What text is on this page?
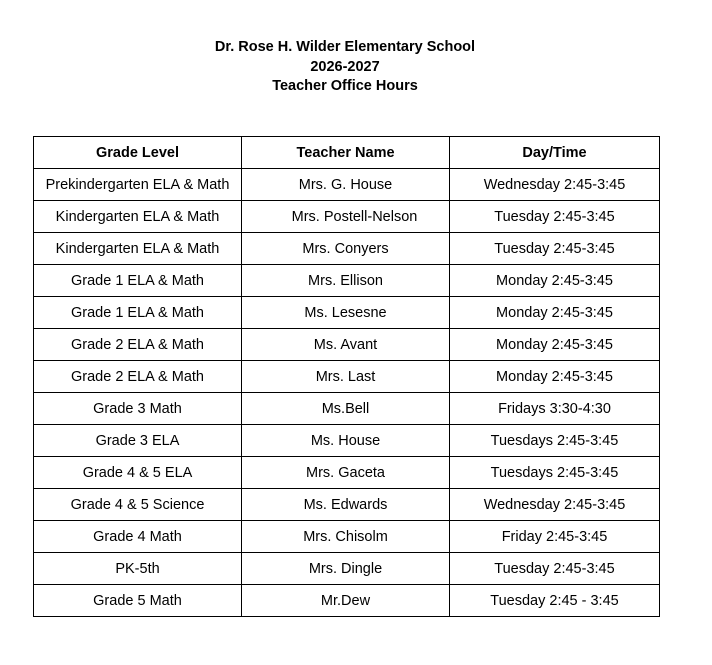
Dr. Rose H. Wilder Elementary School
2026-2027
Teacher Office Hours
Grade Level	Teacher Name	Day/Time
Prekindergarten ELA & Math	Mrs. G. House	Wednesday 2:45-3:45
Kindergarten ELA & Math	Mrs. Postell-Nelson	Tuesday 2:45-3:45
Kindergarten ELA & Math	Mrs. Conyers	Tuesday 2:45-3:45
Grade 1 ELA & Math	Mrs. Ellison	Monday 2:45-3:45
Grade 1 ELA & Math	Ms. Lesesne	Monday 2:45-3:45
Grade 2 ELA & Math	Ms. Avant	Monday 2:45-3:45
Grade 2 ELA & Math	Mrs. Last	Monday 2:45-3:45
Grade 3 Math	Ms.Bell	Fridays 3:30-4:30
Grade 3 ELA	Ms. House	Tuesdays 2:45-3:45
Grade 4 & 5 ELA	Mrs. Gaceta	Tuesdays 2:45-3:45
Grade 4 & 5 Science	Ms. Edwards	Wednesday 2:45-3:45
Grade 4 Math	Mrs. Chisolm	Friday 2:45-3:45
PK-5th	Mrs. Dingle	Tuesday 2:45-3:45
Grade 5 Math	Mr.Dew	Tuesday 2:45 - 3:45
